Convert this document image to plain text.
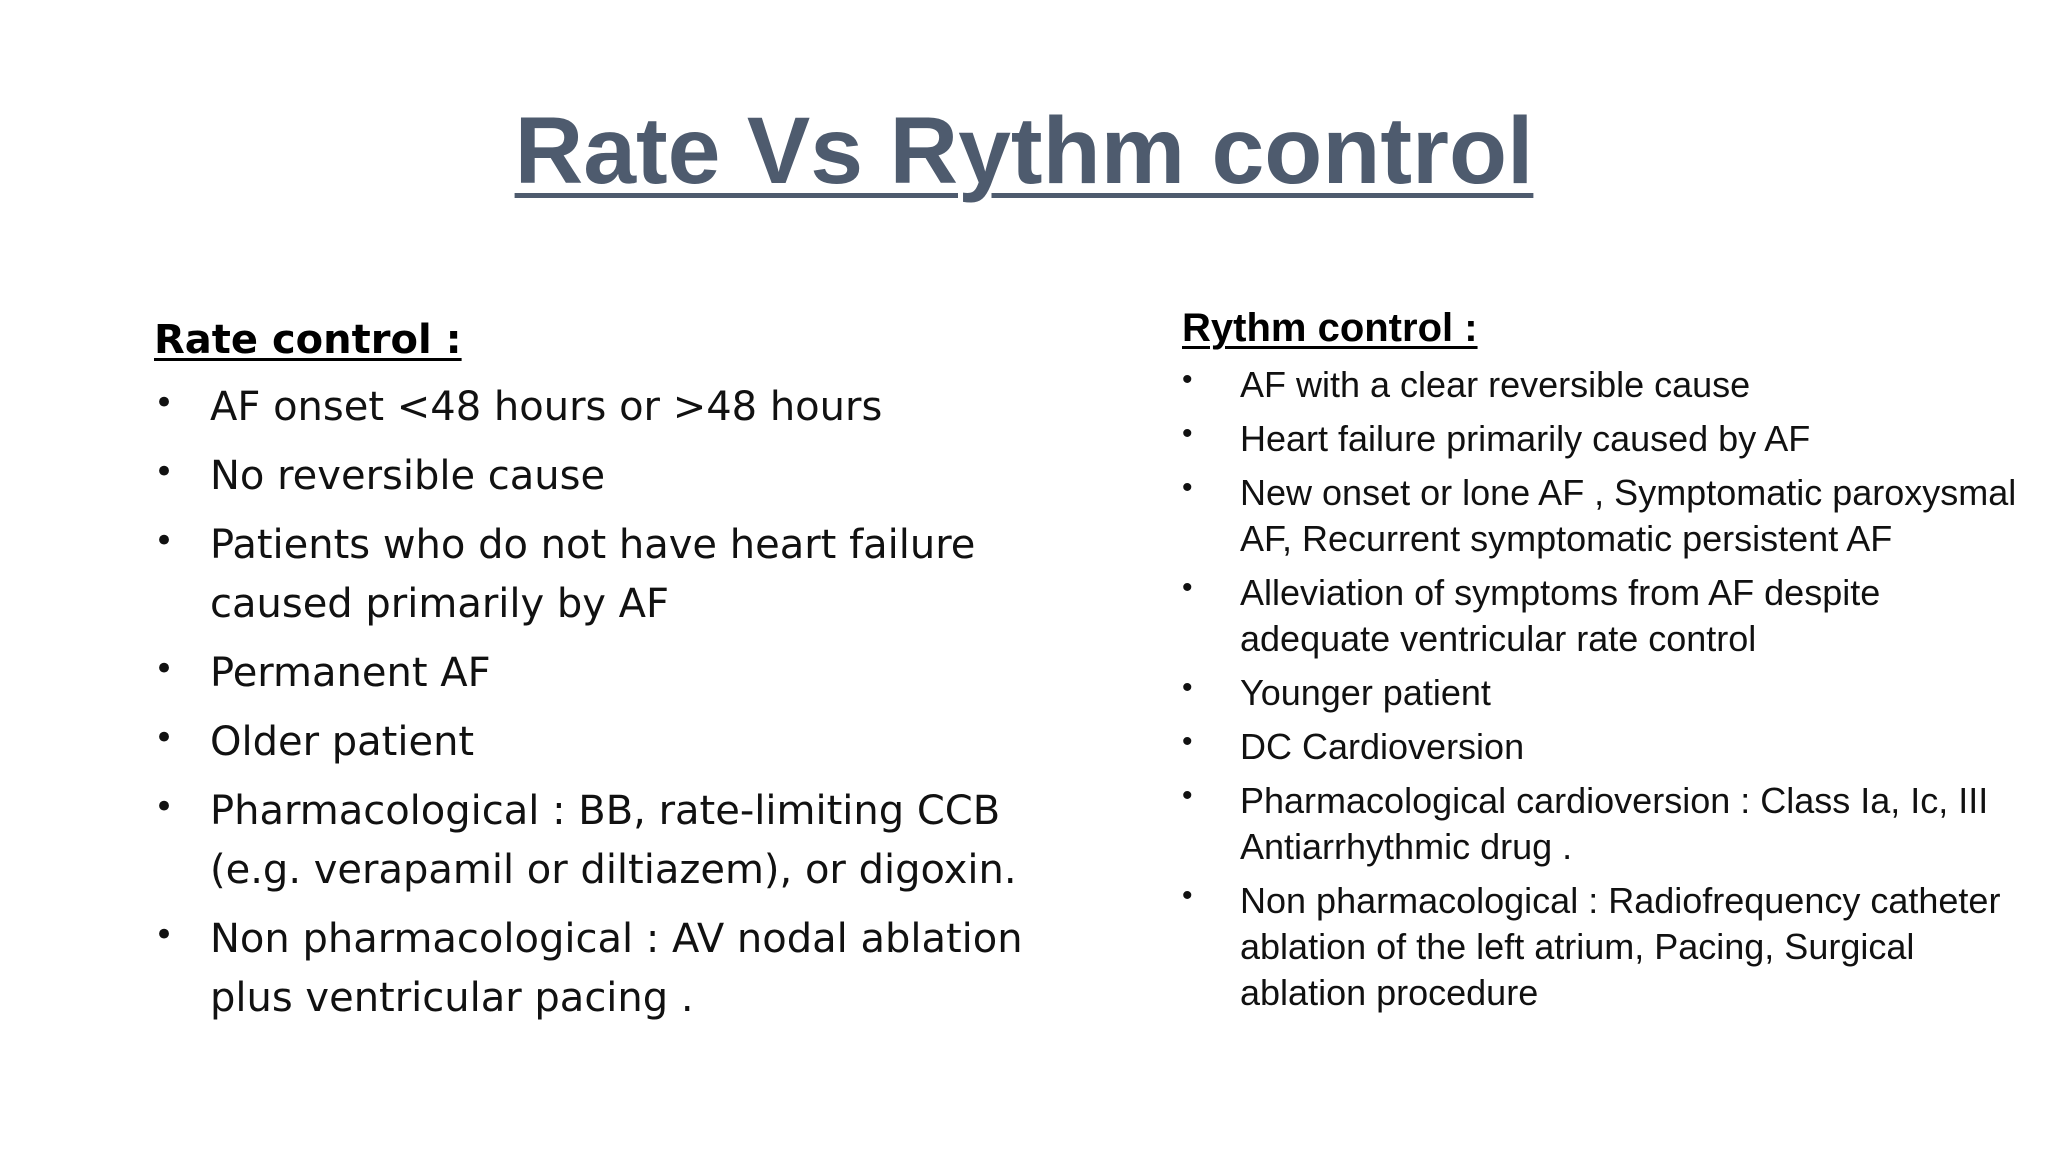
Rate Vs Rythm control

Rate control :

• AF onset <48 hours or >48 hours
• No reversible cause
• Patients who do not have heart failure caused primarily by AF
• Permanent AF
• Older patient
• Pharmacological : BB, rate-limiting CCB (e.g. verapamil or diltiazem), or digoxin.
• Non pharmacological : AV nodal ablation plus ventricular pacing .

Rythm control :

• AF with a clear reversible cause
• Heart failure primarily caused by AF
• New onset or lone AF , Symptomatic paroxysmal AF, Recurrent symptomatic persistent AF
• Alleviation of symptoms from AF despite adequate ventricular rate control
• Younger patient
• DC Cardioversion
• Pharmacological cardioversion : Class Ia, Ic, III Antiarrhythmic drug .
• Non pharmacological : Radiofrequency catheter ablation of the left atrium, Pacing, Surgical ablation procedure
